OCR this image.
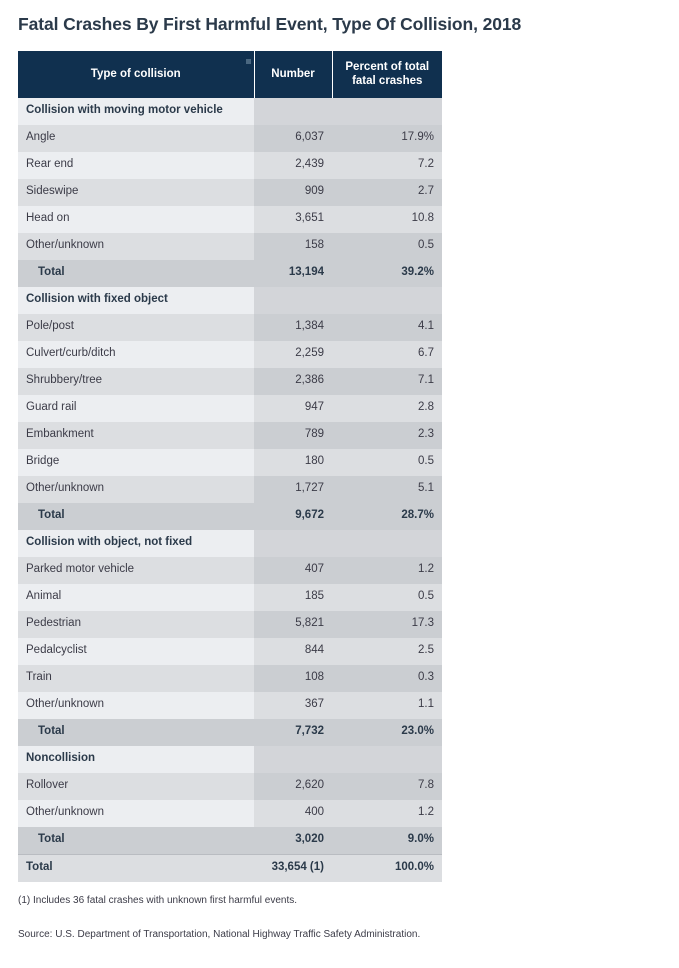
Fatal Crashes By First Harmful Event, Type Of Collision, 2018
Type of collision	Number	Percent of total fatal crashes
Collision with moving motor vehicle		
Angle	6,037	17.9%
Rear end	2,439	7.2
Sideswipe	909	2.7
Head on	3,651	10.8
Other/unknown	158	0.5
Total	13,194	39.2%
Collision with fixed object		
Pole/post	1,384	4.1
Culvert/curb/ditch	2,259	6.7
Shrubbery/tree	2,386	7.1
Guard rail	947	2.8
Embankment	789	2.3
Bridge	180	0.5
Other/unknown	1,727	5.1
Total	9,672	28.7%
Collision with object, not fixed		
Parked motor vehicle	407	1.2
Animal	185	0.5
Pedestrian	5,821	17.3
Pedalcyclist	844	2.5
Train	108	0.3
Other/unknown	367	1.1
Total	7,732	23.0%
Noncollision		
Rollover	2,620	7.8
Other/unknown	400	1.2
Total	3,020	9.0%
Total	33,654 (1)	100.0%
(1) Includes 36 fatal crashes with unknown first harmful events.
Source: U.S. Department of Transportation, National Highway Traffic Safety Administration.
